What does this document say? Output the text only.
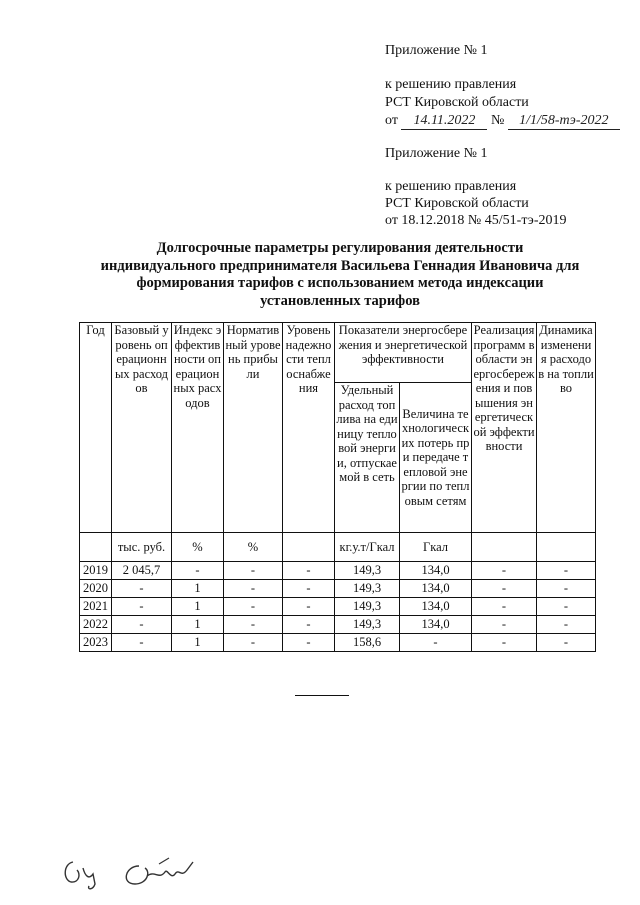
Приложение № 1
к решению правления
РСТ Кировской области
от 14.11.2022 № 1/1/58-тэ-2022
Приложение № 1
к решению правления
РСТ Кировской области
от 18.12.2018 № 45/51-тэ-2019
Долгосрочные параметры регулирования деятельности
индивидуального предпринимателя Васильева Геннадия Ивановича для
формирования тарифов с использованием метода индексации
установленных тарифов
Год	Базовый уровень операционных расходов	Индекс эффективности операционных расходов	Нормативный уровень прибыли	Уровень надежности теплоснабжения	Показатели энергосбережения и энергетической эффективности		Реализация программ в области энергосбережения и повышения энергетической эффективности	Динамика изменения расходов на топливо
					Удельный расход топлива на единицу тепловой энергии, отпускаемой в сеть	Величина технологических потерь при передаче тепловой энергии по тепловым сетям		
	тыс. руб.	%	%		кг.у.т/Гкал	Гкал		
2019	2 045,7	-	-	-	149,3	134,0	-	-
2020	-	1	-	-	149,3	134,0	-	-
2021	-	1	-	-	149,3	134,0	-	-
2022	-	1	-	-	149,3	134,0	-	-
2023	-	1	-	-	158,6	-	-	-
